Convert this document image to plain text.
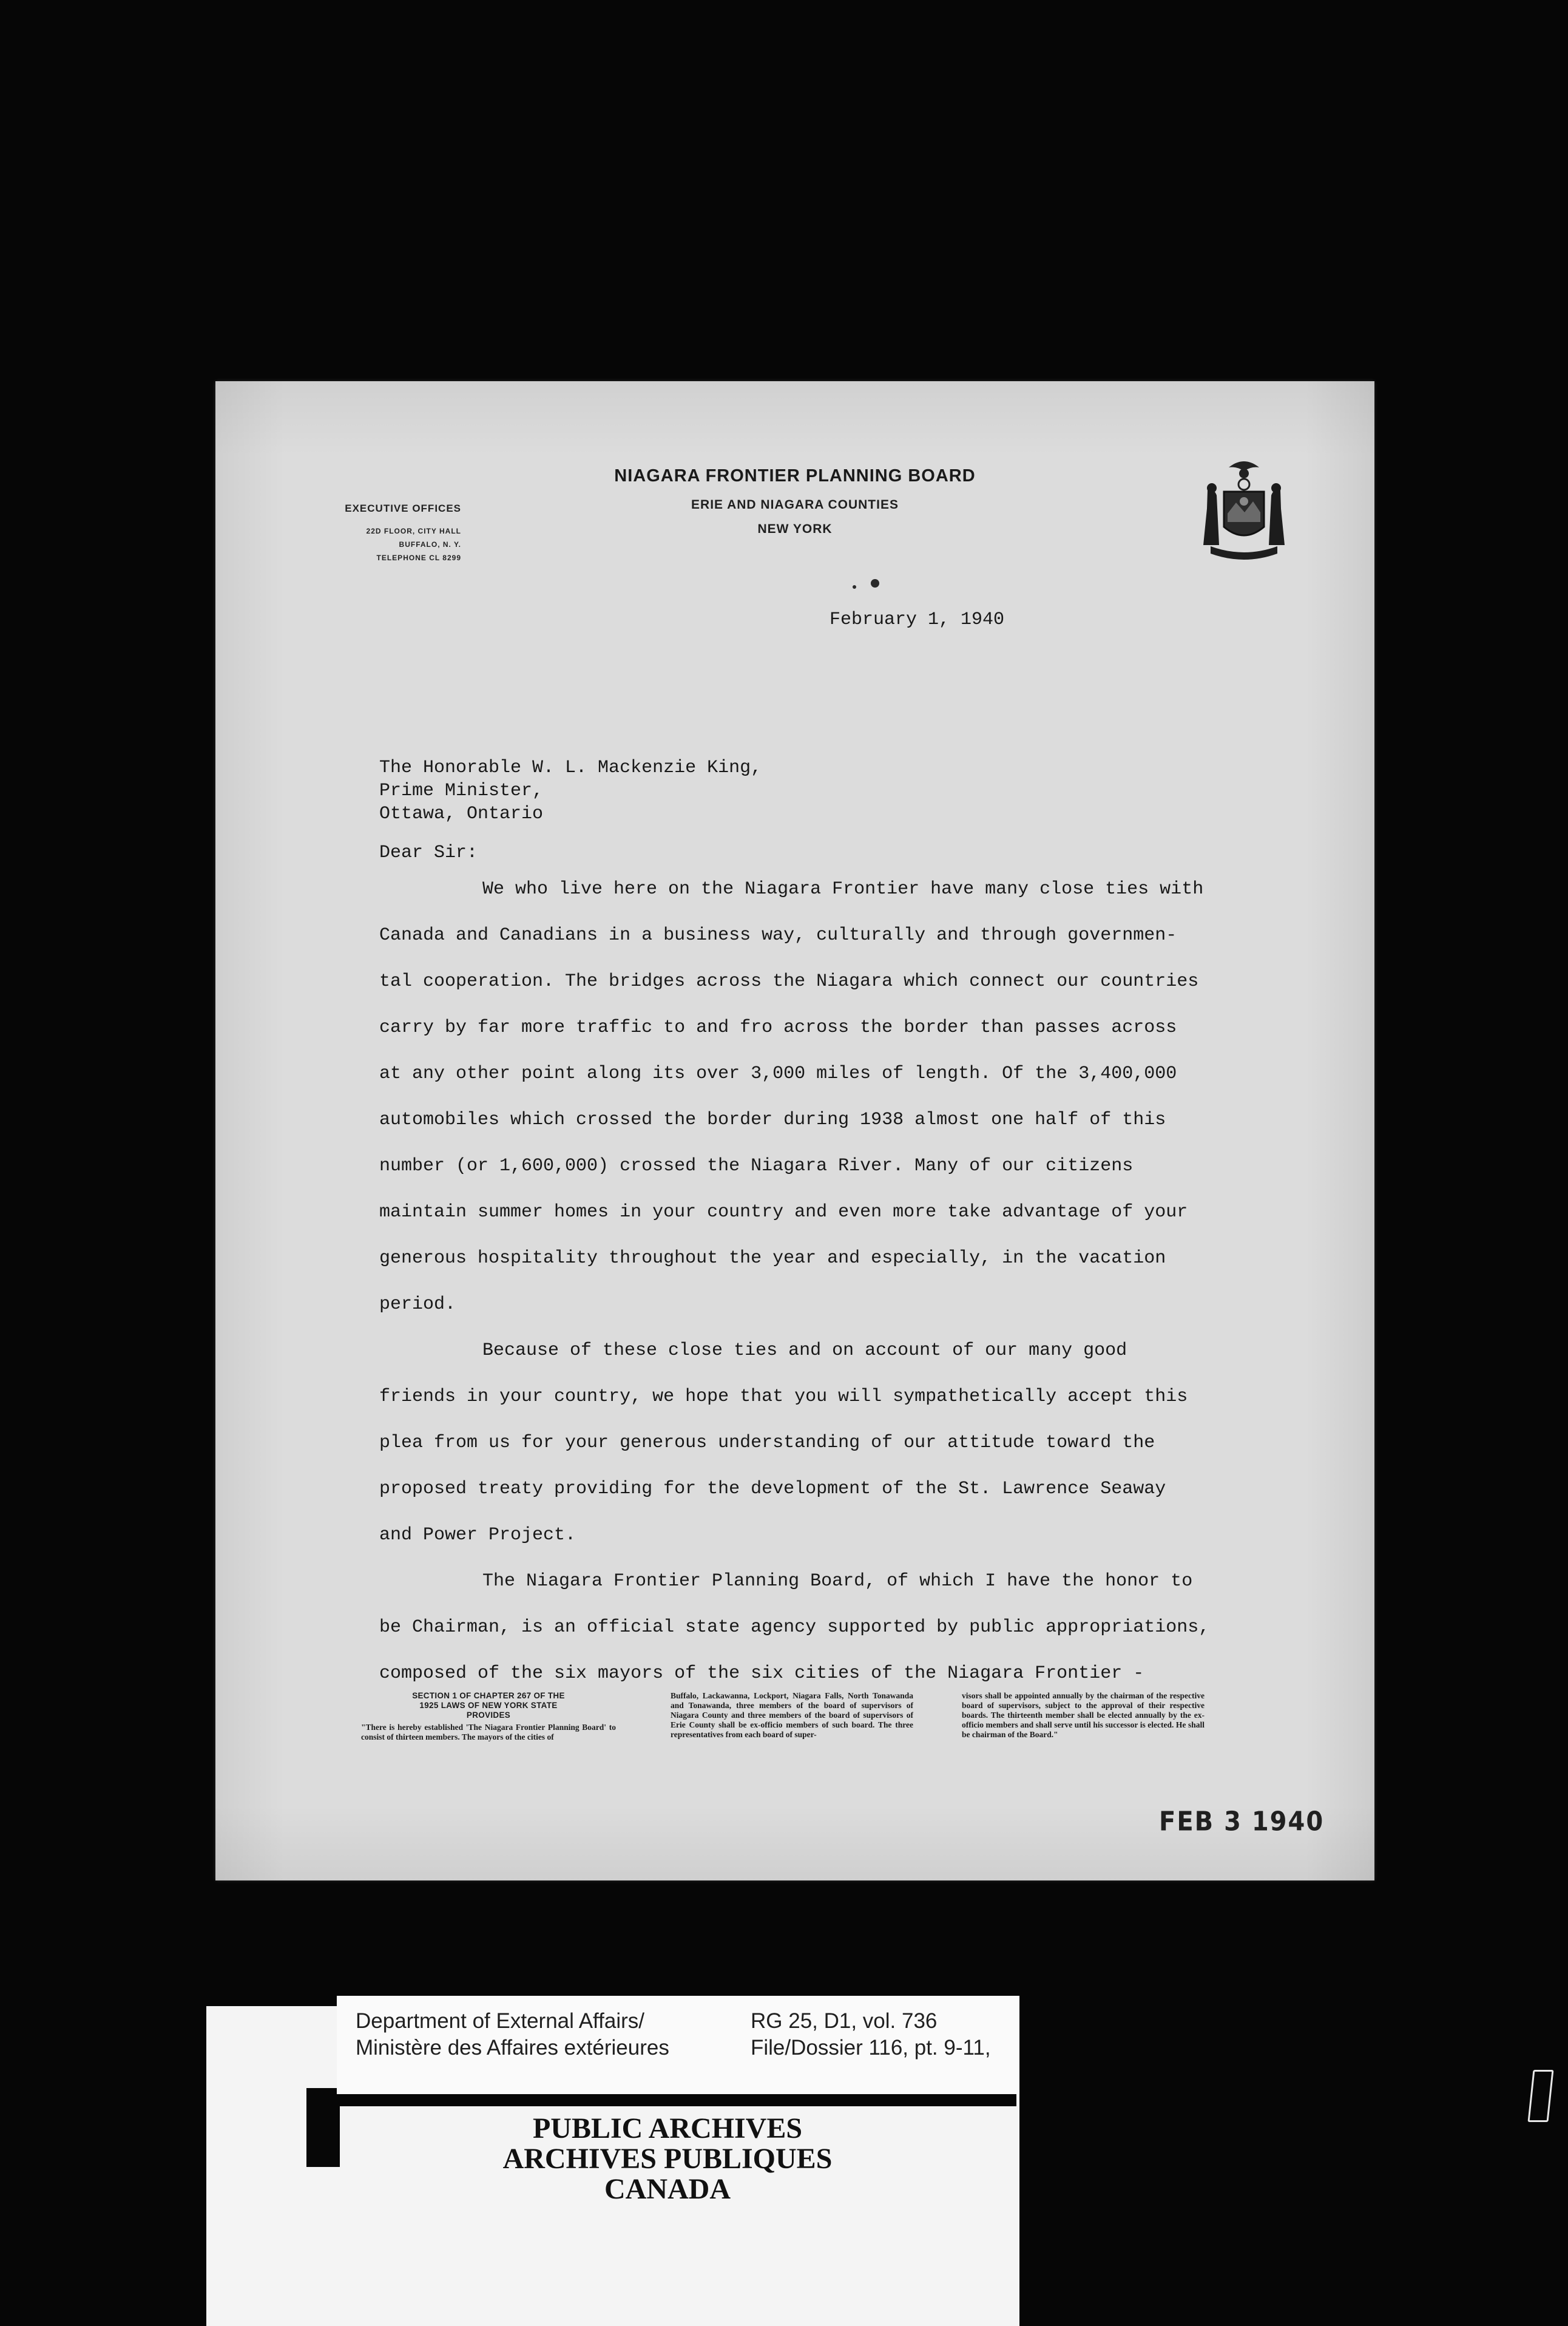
NIAGARA FRONTIER PLANNING BOARD
ERIE AND NIAGARA COUNTIES
NEW YORK
EXECUTIVE OFFICES
22D FLOOR, CITY HALL
BUFFALO, N. Y.
TELEPHONE CL 8299
February 1, 1940
The Honorable W. L. Mackenzie King,
Prime Minister,
Ottawa, Ontario
Dear Sir:
We who live here on the Niagara Frontier have many close ties with
Canada and Canadians in a business way, culturally and through governmen-
tal cooperation. The bridges across the Niagara which connect our countries
carry by far more traffic to and fro across the border than passes across
at any other point along its over 3,000 miles of length. Of the 3,400,000
automobiles which crossed the border during 1938 almost one half of this
number (or 1,600,000) crossed the Niagara River. Many of our citizens
maintain summer homes in your country and even more take advantage of your
generous hospitality throughout the year and especially, in the vacation
period.
Because of these close ties and on account of our many good
friends in your country, we hope that you will sympathetically accept this
plea from us for your generous understanding of our attitude toward the
proposed treaty providing for the development of the St. Lawrence Seaway
and Power Project.
The Niagara Frontier Planning Board, of which I have the honor to
be Chairman, is an official state agency supported by public appropriations,
composed of the six mayors of the six cities of the Niagara Frontier -
SECTION 1 OF CHAPTER 267 OF THE
1925 LAWS OF NEW YORK STATE
PROVIDES
"There is hereby established 'The Niagara Frontier Planning Board' to consist of thirteen members. The mayors of the cities of
Buffalo, Lackawanna, Lockport, Niagara Falls, North Tonawanda and Tonawanda, three members of the board of supervisors of Niagara County and three members of the board of supervisors of Erie County shall be ex-officio members of such board. The three representatives from each board of super-
visors shall be appointed annually by the chairman of the respective board of supervisors, subject to the approval of their respective boards. The thirteenth member shall be elected annually by the ex-officio members and shall serve until his successor is elected. He shall be chairman of the Board."
FEB 3 1940
Department of External Affairs/
Ministère des Affaires extérieures
RG 25, D1, vol. 736
File/Dossier 116, pt. 9-11,
PUBLIC ARCHIVES
ARCHIVES PUBLIQUES
CANADA
